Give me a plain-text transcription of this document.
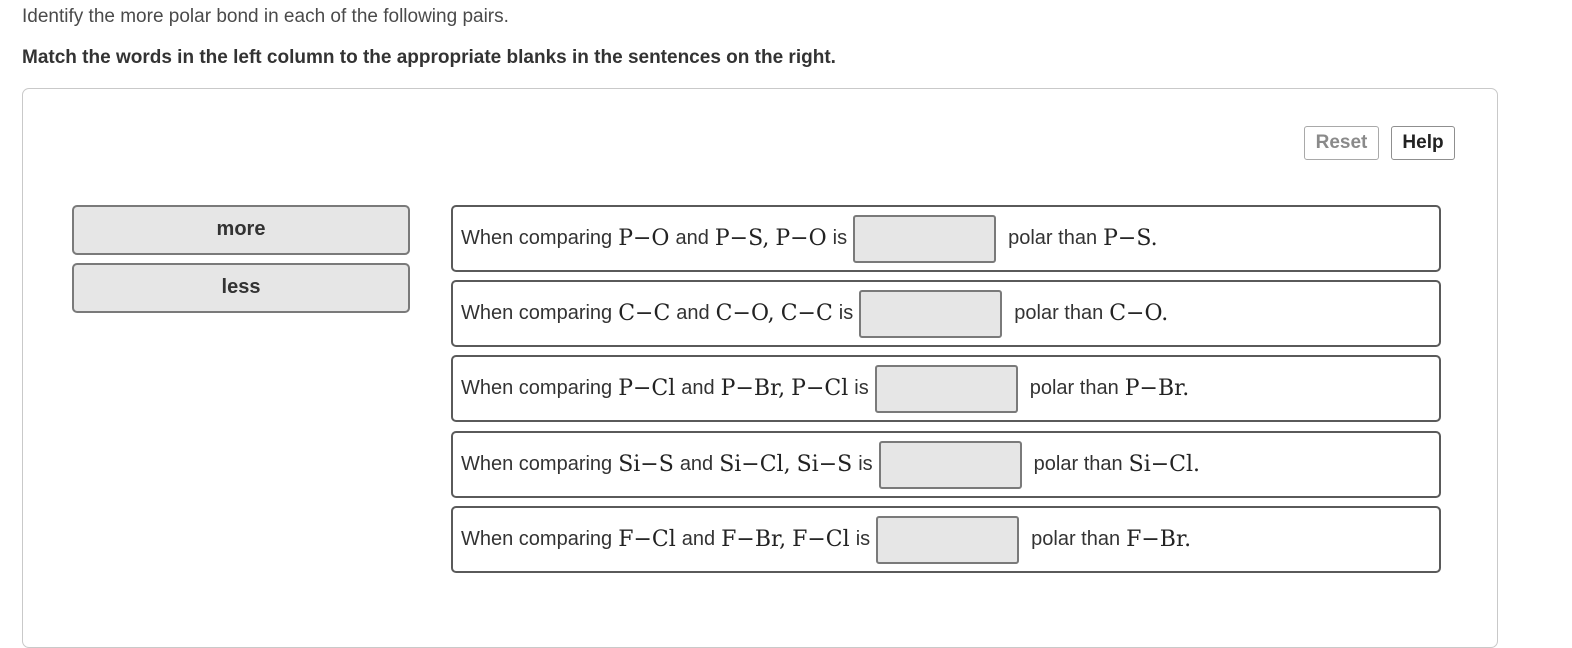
Identify the more polar bond in each of the following pairs.
Match the words in the left column to the appropriate blanks in the sentences on the right.
Reset	Help
more
less
When comparing P−O and P−S, P−O is	polar than P−S.
When comparing C−C and C−O, C−C is	polar than C−O.
When comparing P−Cl and P−Br, P−Cl is	polar than P−Br.
When comparing Si−S and Si−Cl, Si−S is	polar than Si−Cl.
When comparing F−Cl and F−Br, F−Cl is	polar than F−Br.
